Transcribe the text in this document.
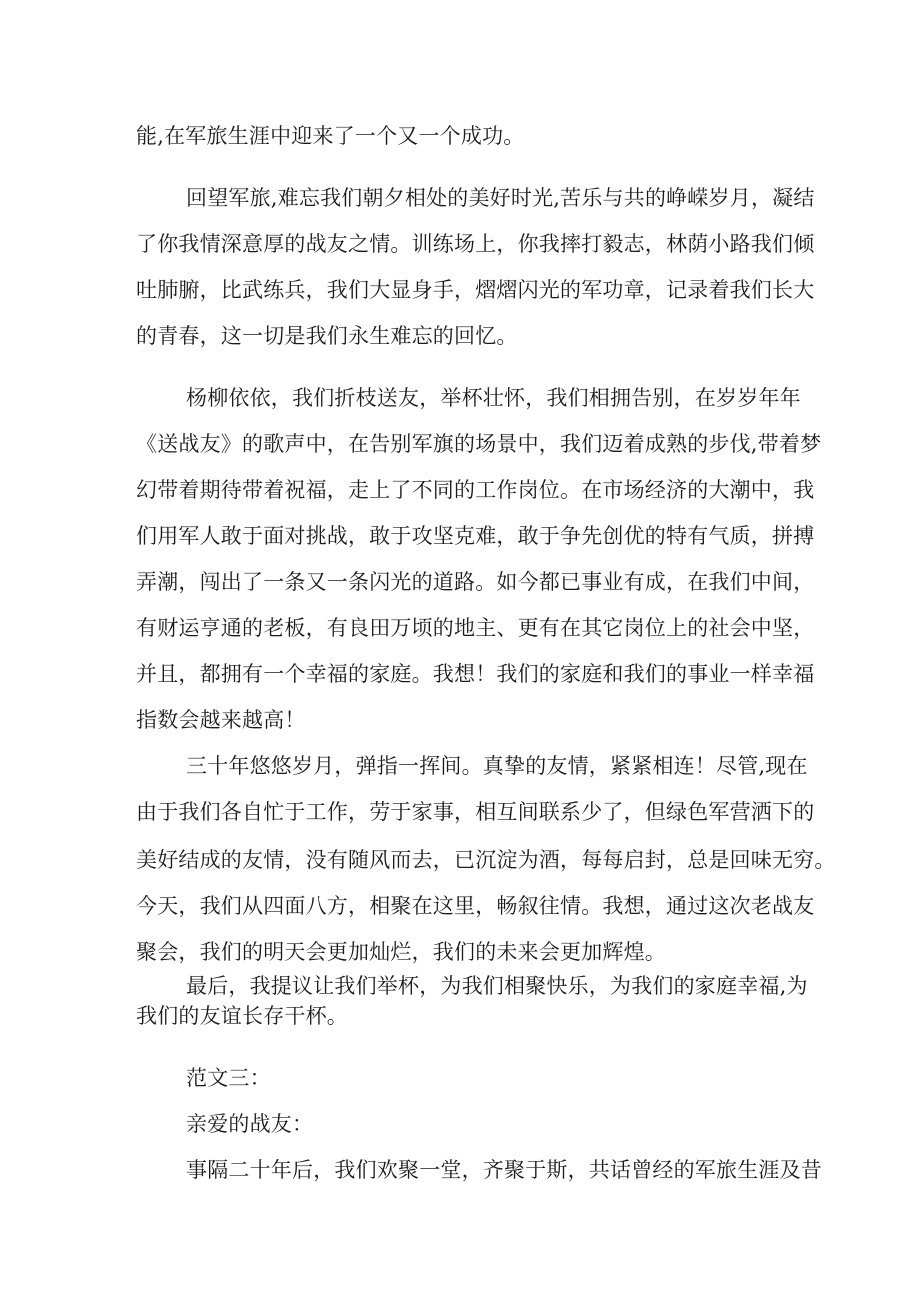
能,在军旅生涯中迎来了一个又一个成功。
回望军旅,难忘我们朝夕相处的美好时光,苦乐与共的峥嵘岁月，凝结
了你我情深意厚的战友之情。训练场上，你我摔打毅志，林荫小路我们倾
吐肺腑，比武练兵，我们大显身手，熠熠闪光的军功章，记录着我们长大
的青春，这一切是我们永生难忘的回忆。
杨柳依依，我们折枝送友，举杯壮怀，我们相拥告别，在岁岁年年
《送战友》的歌声中，在告别军旗的场景中，我们迈着成熟的步伐,带着梦
幻带着期待带着祝福，走上了不同的工作岗位。在市场经济的大潮中，我
们用军人敢于面对挑战，敢于攻坚克难，敢于争先创优的特有气质，拼搏
弄潮，闯出了一条又一条闪光的道路。如今都已事业有成，在我们中间，
有财运亨通的老板，有良田万顷的地主、更有在其它岗位上的社会中坚，
并且，都拥有一个幸福的家庭。我想！我们的家庭和我们的事业一样幸福
指数会越来越高！
三十年悠悠岁月，弹指一挥间。真挚的友情，紧紧相连！尽管,现在
由于我们各自忙于工作，劳于家事，相互间联系少了，但绿色军营洒下的
美好结成的友情，没有随风而去，已沉淀为酒，每每启封，总是回味无穷。
今天，我们从四面八方，相聚在这里，畅叙往情。我想，通过这次老战友
聚会，我们的明天会更加灿烂，我们的未来会更加辉煌。
最后，我提议让我们举杯，为我们相聚快乐，为我们的家庭幸福,为
我们的友谊长存干杯。
范文三：
亲爱的战友：
事隔二十年后，我们欢聚一堂，齐聚于斯，共话曾经的军旅生涯及昔
